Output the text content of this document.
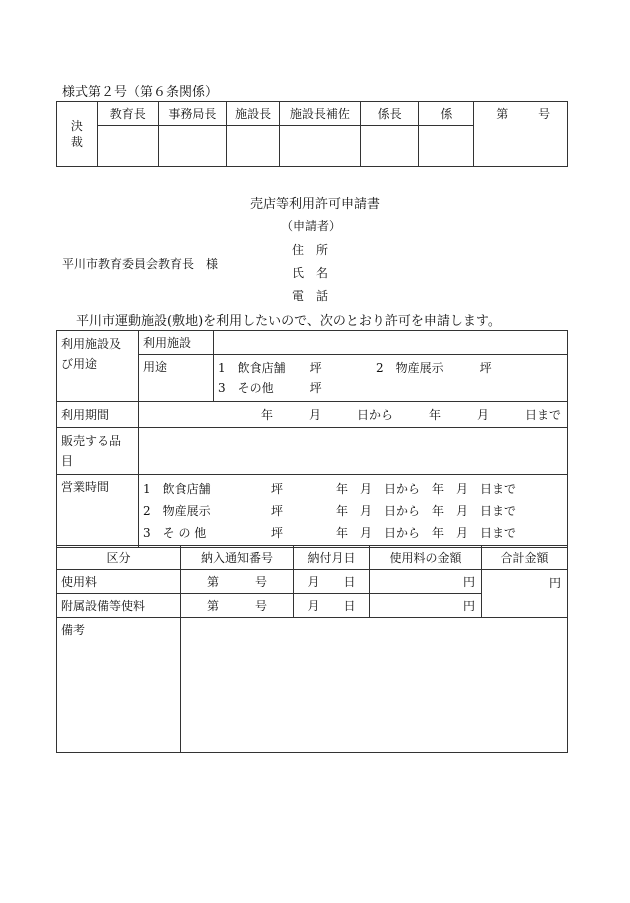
様式第２号（第６条関係）
決
裁	教育長	事務局長	施設長	施設長補佐	係長	係	第 号

売店等利用許可申請書
（申請者）
平川市教育委員会教育長　様
住　所
氏　名
電　話
平川市運動施設(敷地)を利用したいので、次のとおり許可を申請します。
利用施設及
び用途	利用施設	
	用途	1　飲食店舗　　坪 2　物産展示　　　坪
3　その他　　　坪
利用期間	年　　　月　　　日から　　　年　　　月　　　日まで	
販売する品
目		
営業時間	1　飲食店舗 坪 年　月　日から　年　月　日まで
2　物産展示 坪 年　月　日から　年　月　日まで
3　そ の 他 坪 年　月　日から　年　月　日まで	
区分	納入通知番号	納付月日	使用料の金額	合計金額
使用料	第　　　号	月　　日	円	円
附属設備等使料	第　　　号	月　　日	円	
備考				
